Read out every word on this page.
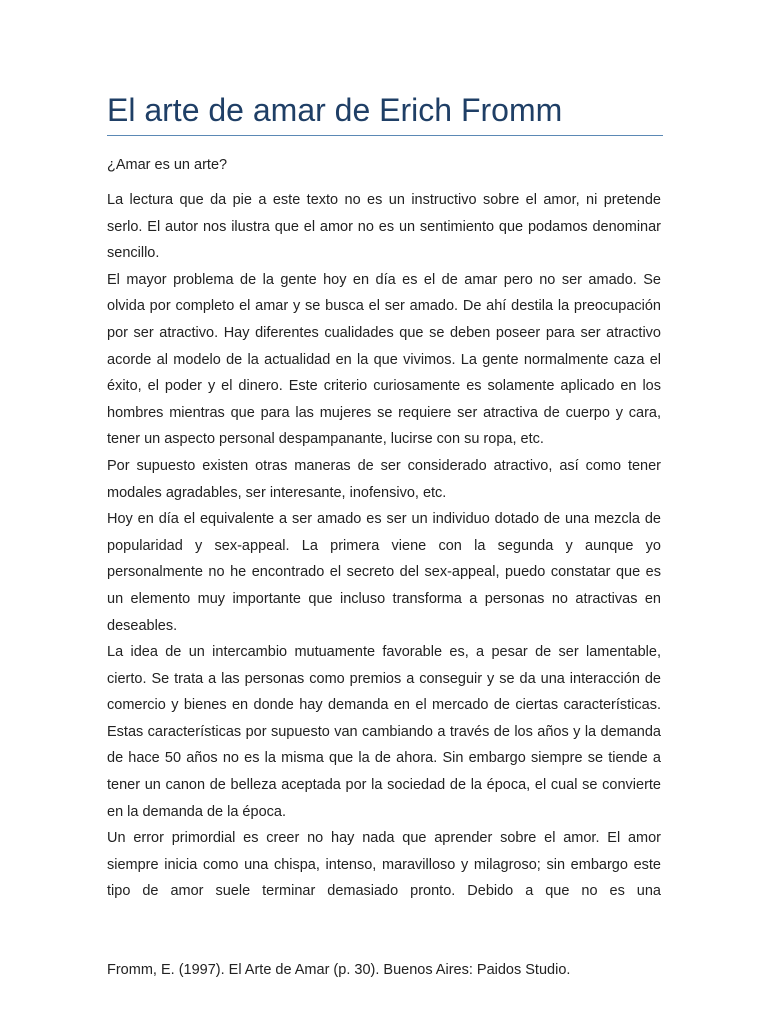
El arte de amar de Erich Fromm

¿Amar es un arte?

La lectura que da pie a este texto no es un instructivo sobre el amor, ni pretende serlo. El autor nos ilustra que el amor no es un sentimiento que podamos denominar sencillo.

El mayor problema de la gente hoy en día es el de amar pero no ser amado. Se olvida por completo el amar y se busca el ser amado. De ahí destila la preocupación por ser atractivo. Hay diferentes cualidades que se deben poseer para ser atractivo acorde al modelo de la actualidad en la que vivimos. La gente normalmente caza el éxito, el poder y el dinero. Este criterio curiosamente es solamente aplicado en los hombres mientras que para las mujeres se requiere ser atractiva de cuerpo y cara, tener un aspecto personal despampanante, lucirse con su ropa, etc.

Por supuesto existen otras maneras de ser considerado atractivo, así como tener modales agradables, ser interesante, inofensivo, etc.

Hoy en día el equivalente a ser amado es ser un individuo dotado de una mezcla de popularidad y sex-appeal. La primera viene con la segunda y aunque yo personalmente no he encontrado el secreto del sex-appeal, puedo constatar que es un elemento muy importante que incluso transforma a personas no atractivas en deseables.

La idea de un intercambio mutuamente favorable es, a pesar de ser lamentable, cierto. Se trata a las personas como premios a conseguir y se da una interacción de comercio y bienes en donde hay demanda en el mercado de ciertas características. Estas características por supuesto van cambiando a través de los años y la demanda de hace 50 años no es la misma que la de ahora. Sin embargo siempre se tiende a tener un canon de belleza aceptada por la sociedad de la época, el cual se convierte en la demanda de la época.

Un error primordial es creer no hay nada que aprender sobre el amor. El amor siempre inicia como una chispa, intenso, maravilloso y milagroso; sin embargo este tipo de amor suele terminar demasiado pronto. Debido a que no es una

Fromm, E. (1997). El Arte de Amar (p. 30). Buenos Aires: Paidos Studio.
